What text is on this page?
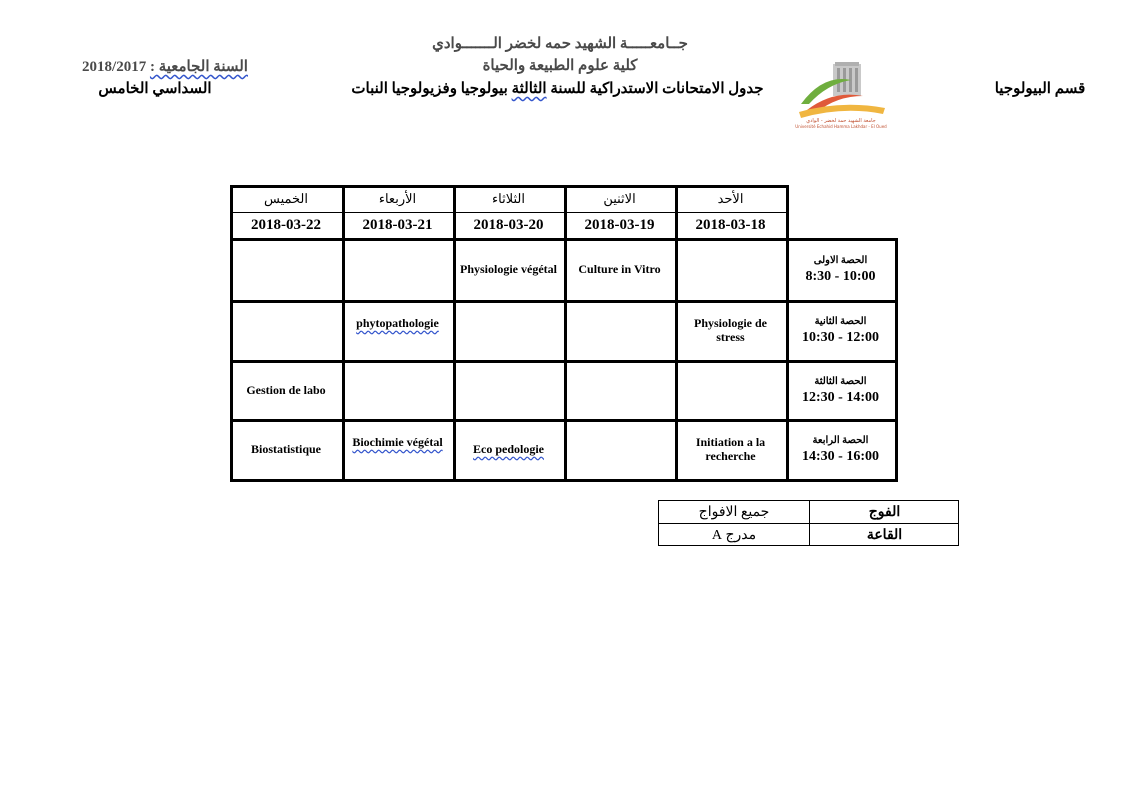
جــامعـــــة الشهيد حمه لخضر الـــــــوادي
كلية علوم الطبيعة والحياة
السنة الجامعية : 2018/2017
السداسي الخامس	جدول الامتحانات الاستدراكية للسنة الثالثة بيولوجيا وفزيولوجيا النبات	قسم البيولوجيا
جامعة الشهيد حمة لخضر - الوادي
Université Echahid Hamma Lakhdar - El Oued
الأحد
2018-03-18
الاثنين
2018-03-19
الثلاثاء
2018-03-20
الأربعاء
2018-03-21
الخميس
2018-03-22
الحصة الاولى
8:30 - 10:00
Culture in Vitro
Physiologie végétal
الحصة الثانية
10:30 - 12:00
Physiologie de stress
phytopathologie
الحصة الثالثة
12:30 - 14:00
Gestion de labo
الحصة الرابعة
14:30 - 16:00
Initiation a la recherche
Eco pedologie
Biochimie végétal
Biostatistique
الفوج
جميع الافواج
القاعة
مدرج A
